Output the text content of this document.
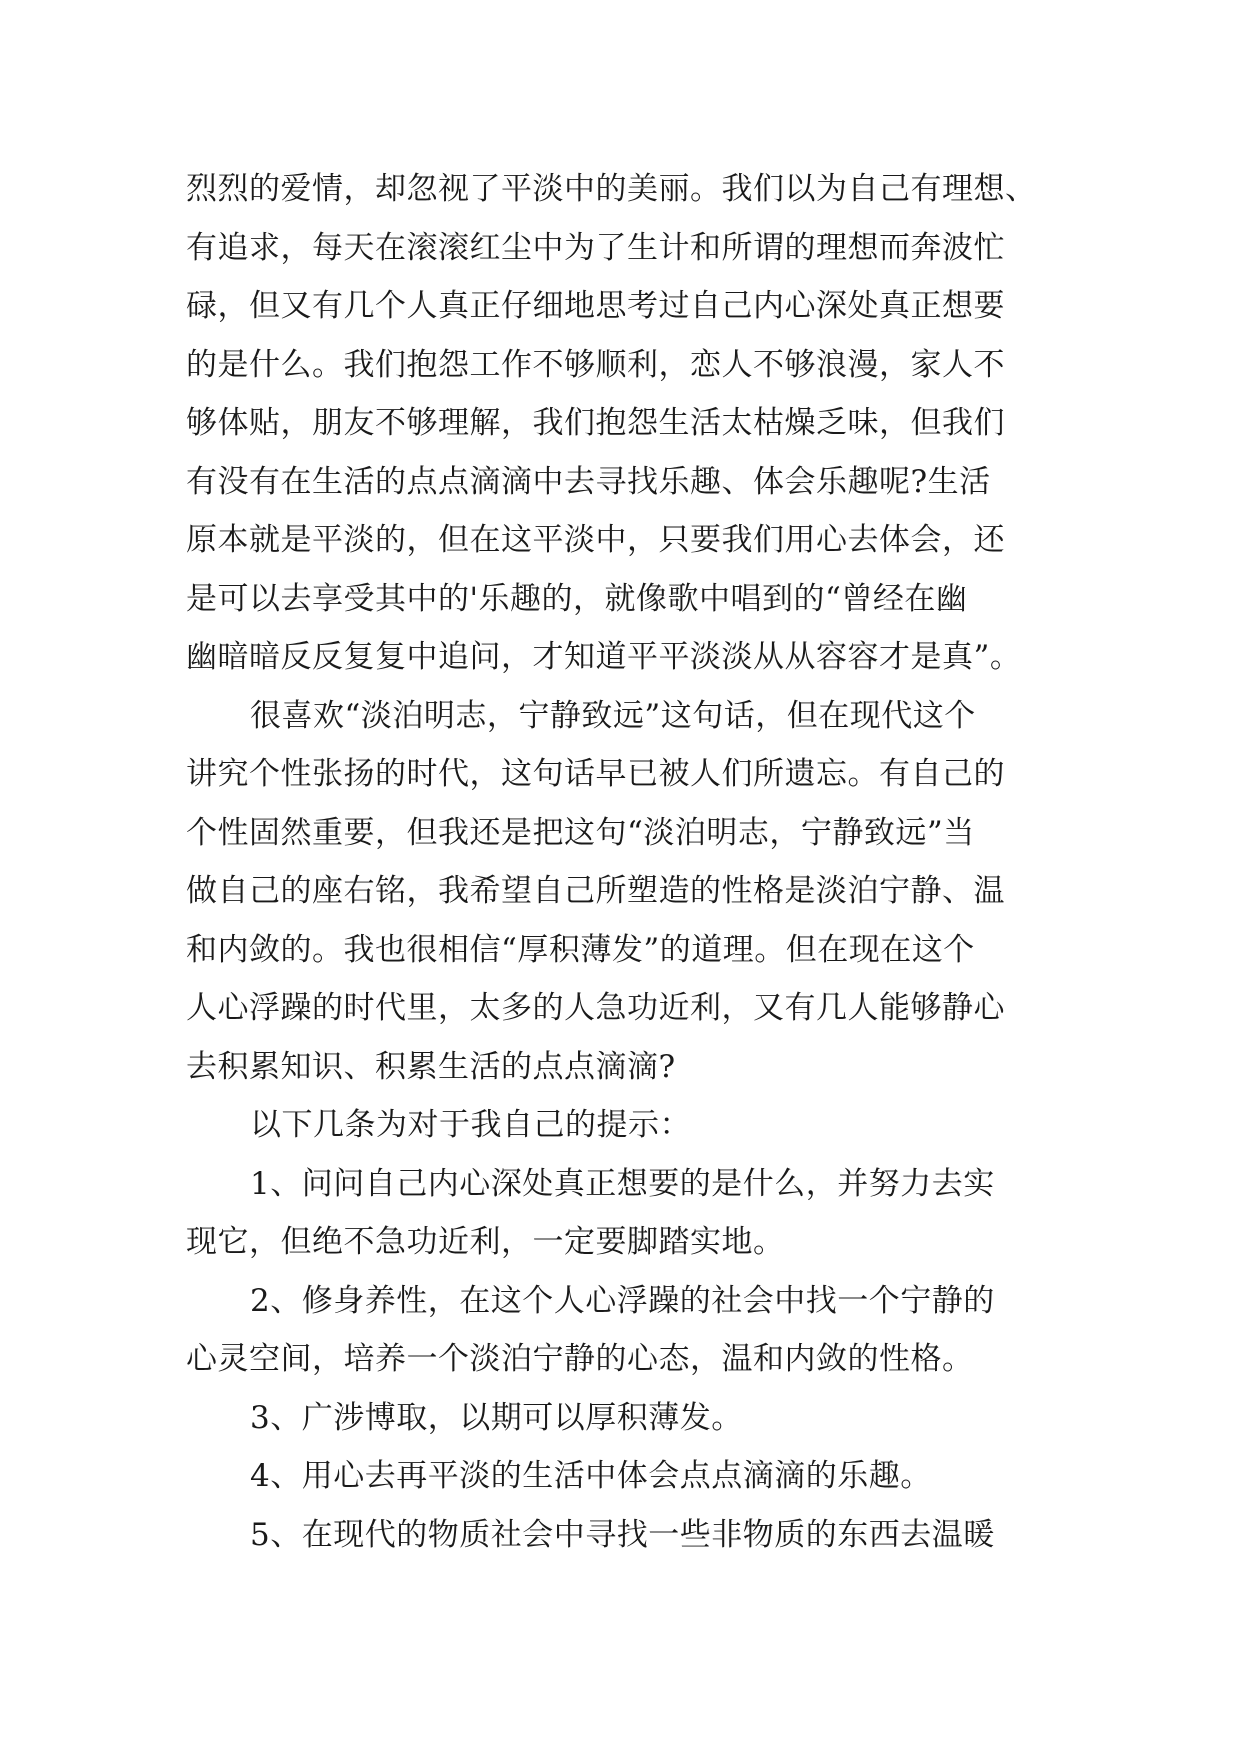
烈烈的爱情，却忽视了平淡中的美丽。我们以为自己有理想、
有追求，每天在滚滚红尘中为了生计和所谓的理想而奔波忙
碌，但又有几个人真正仔细地思考过自己内心深处真正想要
的是什么。我们抱怨工作不够顺利，恋人不够浪漫，家人不
够体贴，朋友不够理解，我们抱怨生活太枯燥乏味，但我们
有没有在生活的点点滴滴中去寻找乐趣、体会乐趣呢?生活
原本就是平淡的，但在这平淡中，只要我们用心去体会，还
是可以去享受其中的'乐趣的，就像歌中唱到的“曾经在幽
幽暗暗反反复复中追问，才知道平平淡淡从从容容才是真”。
很喜欢“淡泊明志，宁静致远”这句话，但在现代这个
讲究个性张扬的时代，这句话早已被人们所遗忘。有自己的
个性固然重要，但我还是把这句“淡泊明志，宁静致远”当
做自己的座右铭，我希望自己所塑造的性格是淡泊宁静、温
和内敛的。我也很相信“厚积薄发”的道理。但在现在这个
人心浮躁的时代里，太多的人急功近利，又有几人能够静心
去积累知识、积累生活的点点滴滴?
以下几条为对于我自己的提示：
1、问问自己内心深处真正想要的是什么，并努力去实
现它，但绝不急功近利，一定要脚踏实地。
2、修身养性，在这个人心浮躁的社会中找一个宁静的
心灵空间，培养一个淡泊宁静的心态，温和内敛的性格。
3、广涉博取，以期可以厚积薄发。
4、用心去再平淡的生活中体会点点滴滴的乐趣。
5、在现代的物质社会中寻找一些非物质的东西去温暖
